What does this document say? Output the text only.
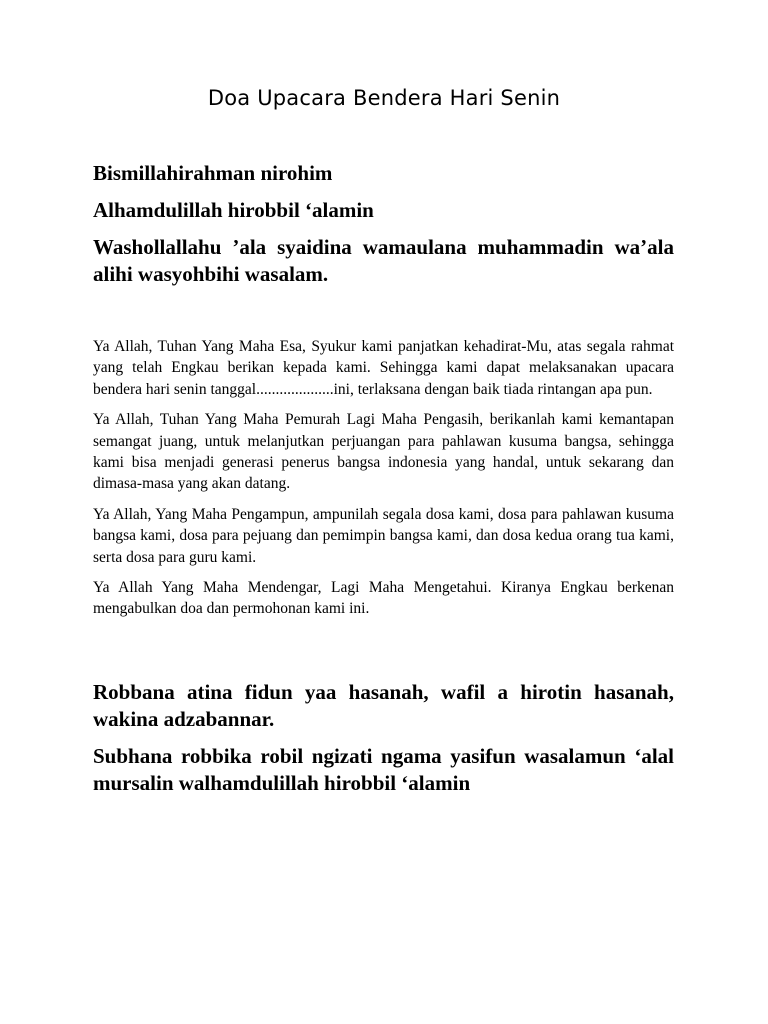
Doa Upacara Bendera Hari Senin

Bismillahirahman nirohim

Alhamdulillah hirobbil ‘alamin

Washollallahu ’ala syaidina wamaulana muhammadin wa’ala alihi wasyohbihi wasalam.

Ya Allah, Tuhan Yang Maha Esa, Syukur kami panjatkan kehadirat-Mu, atas segala rahmat yang telah Engkau berikan kepada kami. Sehingga kami dapat melaksanakan upacara bendera hari senin tanggal....................ini, terlaksana dengan baik tiada rintangan apa pun.

Ya Allah, Tuhan Yang Maha Pemurah Lagi Maha Pengasih, berikanlah kami kemantapan semangat juang, untuk melanjutkan perjuangan para pahlawan kusuma bangsa, sehingga kami bisa menjadi generasi penerus bangsa indonesia yang handal, untuk sekarang dan dimasa-masa yang akan datang.

Ya Allah, Yang Maha Pengampun, ampunilah segala dosa kami, dosa para pahlawan kusuma bangsa kami, dosa para pejuang dan pemimpin bangsa kami, dan dosa kedua orang tua kami, serta dosa para guru kami.

Ya Allah Yang Maha Mendengar, Lagi Maha Mengetahui. Kiranya Engkau berkenan mengabulkan doa dan permohonan kami ini.

Robbana atina fidun yaa hasanah, wafil a hirotin hasanah, wakina adzabannar.

Subhana robbika robil ngizati ngama yasifun wasalamun ‘alal mursalin walhamdulillah hirobbil ‘alamin
